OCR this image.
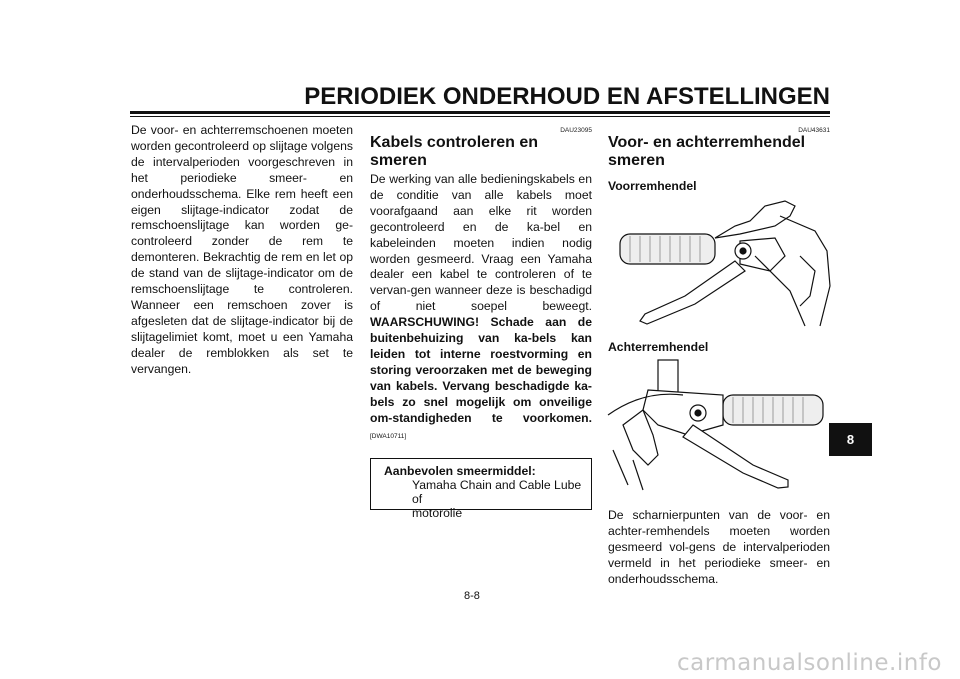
PERIODIEK ONDERHOUD EN AFSTELLINGEN
De voor- en achterremschoenen moeten worden gecontroleerd op slijtage volgens de intervalperioden voorgeschreven in het periodieke smeer- en onderhoudsschema. Elke rem heeft een eigen slijtage-indicator zodat de remschoenslijtage kan worden ge-controleerd zonder de rem te demonteren. Bekrachtig de rem en let op de stand van de slijtage-indicator om de remschoenslijtage te controleren. Wanneer een remschoen zover is afgesleten dat de slijtage-indicator bij de slijtagelimiet komt, moet u een Yamaha dealer de remblokken als set te vervangen.
DAU23095
Kabels controleren en smeren
De werking van alle bedieningskabels en de conditie van alle kabels moet voorafgaand aan elke rit worden gecontroleerd en de ka-bel en kabeleinden moeten indien nodig worden gesmeerd. Vraag een Yamaha dealer een kabel te controleren of te vervan-gen wanneer deze is beschadigd of niet soepel beweegt. WAARSCHUWING! Schade aan de buitenbehuizing van ka-bels kan leiden tot interne roestvorming en storing veroorzaken met de beweging van kabels. Vervang beschadigde ka-bels zo snel mogelijk om onveilige om-standigheden te voorkomen.[DWA10711]
Aanbevolen smeermiddel:
Yamaha Chain and Cable Lube of
motorolie
DAU43631
Voor- en achterremhendel
smeren
Voorremhendel
Achterremhendel
De scharnierpunten van de voor- en achter-remhendels moeten worden gesmeerd vol-gens de intervalperioden vermeld in het periodieke smeer- en onderhoudsschema.
8-8
8
carmanualsonline.info
